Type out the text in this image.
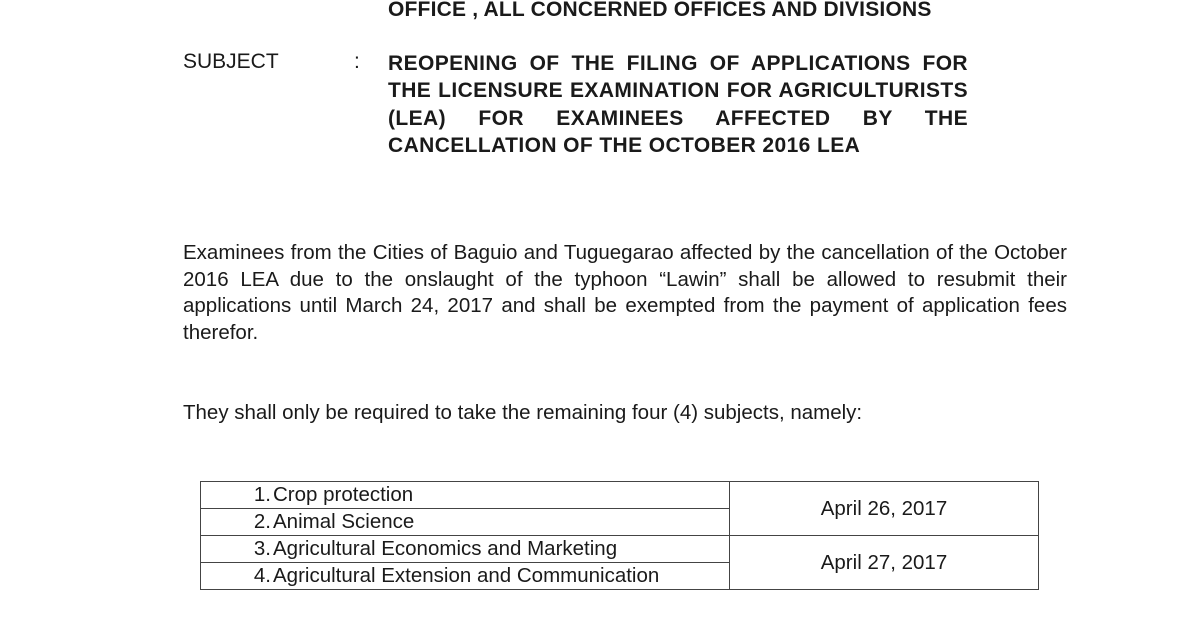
OFFICE , ALL CONCERNED OFFICES AND DIVISIONS
SUBJECT	: REOPENING OF THE FILING OF APPLICATIONS FOR THE LICENSURE EXAMINATION FOR AGRICULTURISTS (LEA) FOR EXAMINEES AFFECTED BY THE CANCELLATION OF THE OCTOBER 2016 LEA
Examinees from the Cities of Baguio and Tuguegarao affected by the cancellation of the October 2016 LEA due to the onslaught of the typhoon “Lawin” shall be allowed to resubmit their applications until March 24, 2017 and shall be exempted from the payment of application fees therefor.
They shall only be required to take the remaining four (4) subjects, namely:
1.Crop protection	April 26, 2017
2.Animal Science	
3.Agricultural Economics and Marketing	April 27, 2017
4.Agricultural Extension and Communication	
